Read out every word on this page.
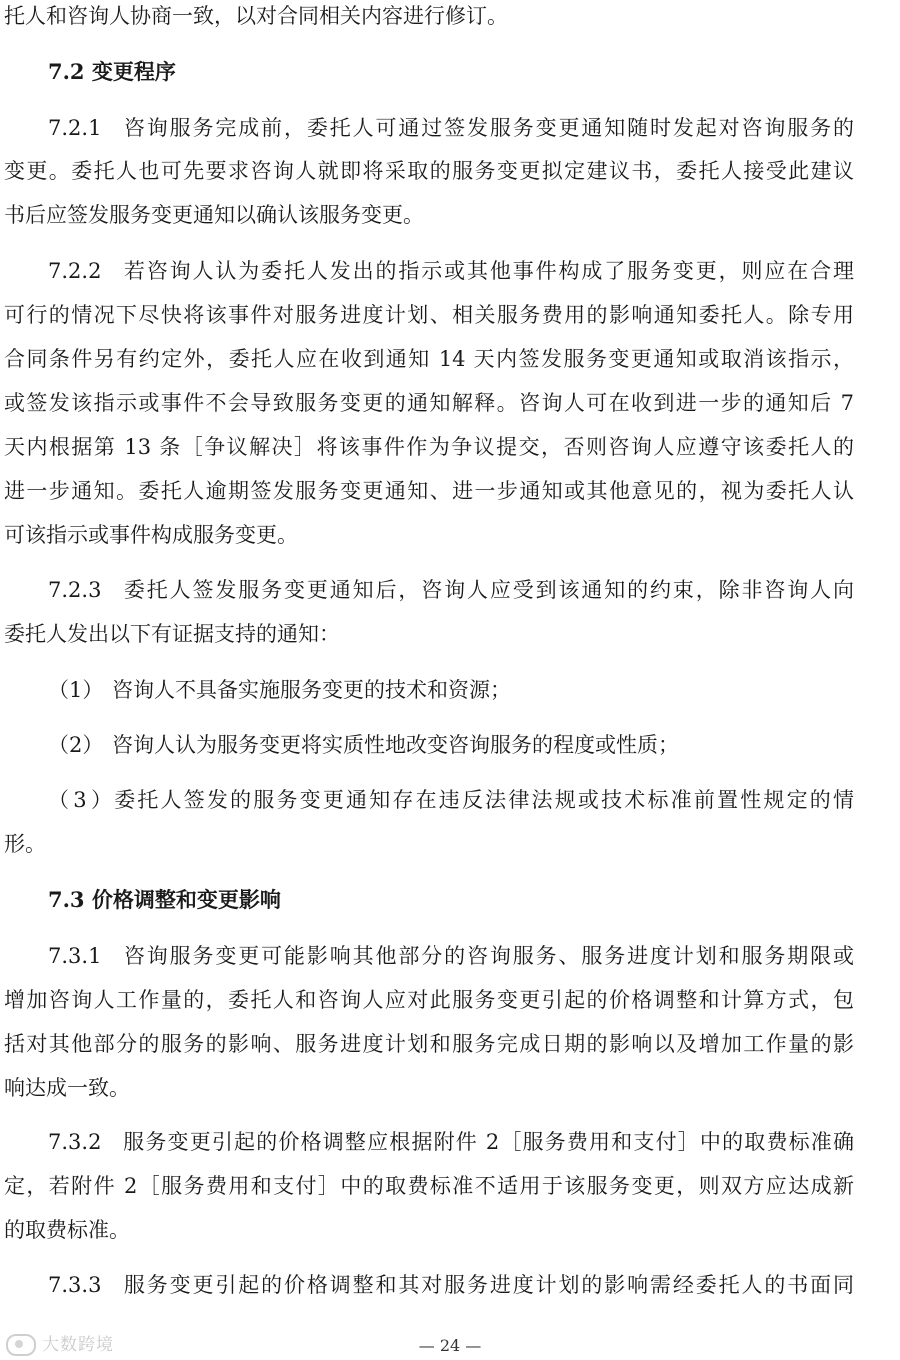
托人和咨询人协商一致，以对合同相关内容进行修订。
7.2 变更程序
7.2.1 咨询服务完成前，委托人可通过签发服务变更通知随时发起对咨询服务的
变更。委托人也可先要求咨询人就即将采取的服务变更拟定建议书，委托人接受此建议
书后应签发服务变更通知以确认该服务变更。
7.2.2 若咨询人认为委托人发出的指示或其他事件构成了服务变更，则应在合理
可行的情况下尽快将该事件对服务进度计划、相关服务费用的影响通知委托人。除专用
合同条件另有约定外，委托人应在收到通知 14 天内签发服务变更通知或取消该指示，
或签发该指示或事件不会导致服务变更的通知解释。咨询人可在收到进一步的通知后 7
天内根据第 13 条［争议解决］将该事件作为争议提交，否则咨询人应遵守该委托人的
进一步通知。委托人逾期签发服务变更通知、进一步通知或其他意见的，视为委托人认
可该指示或事件构成服务变更。
7.2.3 委托人签发服务变更通知后，咨询人应受到该通知的约束，除非咨询人向
委托人发出以下有证据支持的通知：
（1） 咨询人不具备实施服务变更的技术和资源；
（2） 咨询人认为服务变更将实质性地改变咨询服务的程度或性质；
（3）委托人签发的服务变更通知存在违反法律法规或技术标准前置性规定的情
形。
7.3 价格调整和变更影响
7.3.1 咨询服务变更可能影响其他部分的咨询服务、服务进度计划和服务期限或
增加咨询人工作量的，委托人和咨询人应对此服务变更引起的价格调整和计算方式，包
括对其他部分的服务的影响、服务进度计划和服务完成日期的影响以及增加工作量的影
响达成一致。
7.3.2 服务变更引起的价格调整应根据附件 2［服务费用和支付］中的取费标准确
定，若附件 2［服务费用和支付］中的取费标准不适用于该服务变更，则双方应达成新
的取费标准。
7.3.3 服务变更引起的价格调整和其对服务进度计划的影响需经委托人的书面同
— 24 —
大数跨境
